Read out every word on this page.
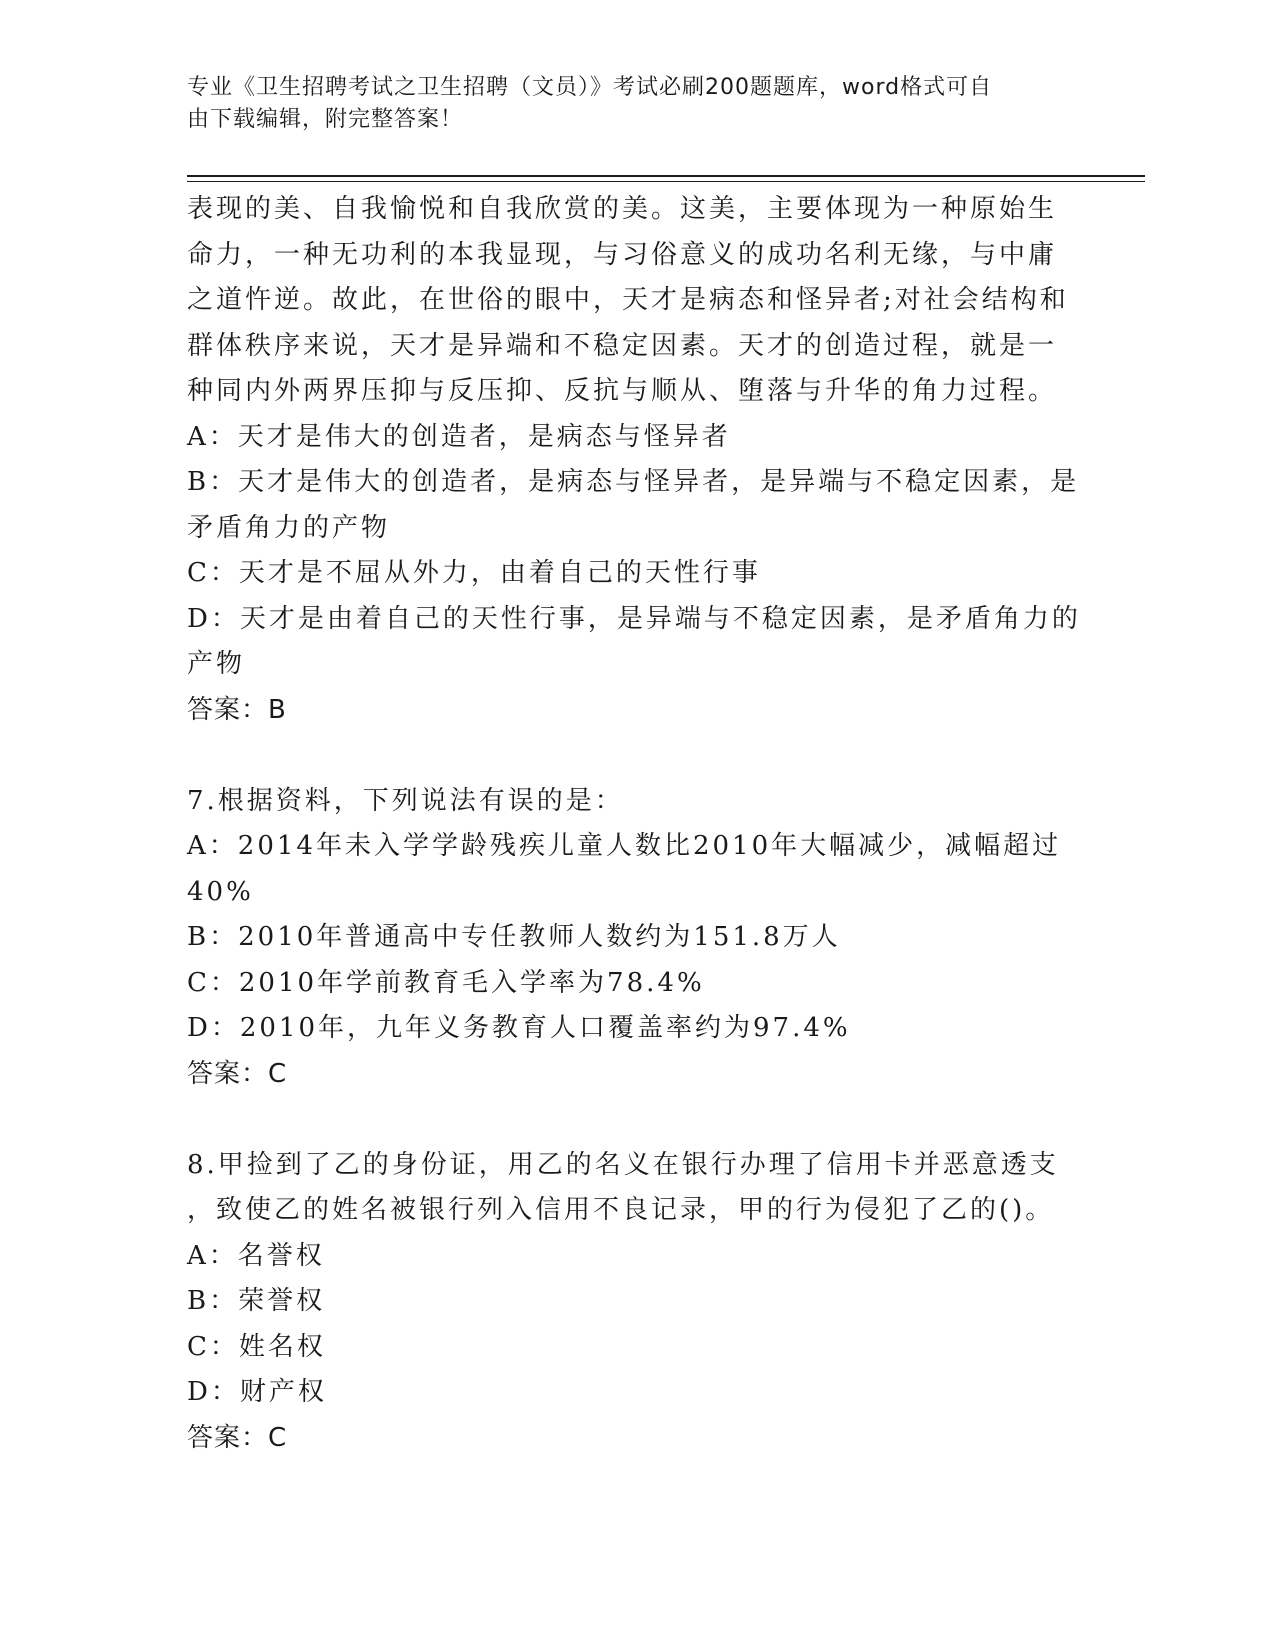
专业《卫生招聘考试之卫生招聘（文员）》考试必刷200题题库，word格式可自
由下载编辑，附完整答案！
表现的美、自我愉悦和自我欣赏的美。这美，主要体现为一种原始生
命力，一种无功利的本我显现，与习俗意义的成功名利无缘，与中庸
之道忤逆。故此，在世俗的眼中，天才是病态和怪异者;对社会结构和
群体秩序来说，天才是异端和不稳定因素。天才的创造过程，就是一
种同内外两界压抑与反压抑、反抗与顺从、堕落与升华的角力过程。
A：天才是伟大的创造者，是病态与怪异者
B：天才是伟大的创造者，是病态与怪异者，是异端与不稳定因素，是
矛盾角力的产物
C：天才是不屈从外力，由着自己的天性行事
D：天才是由着自己的天性行事，是异端与不稳定因素，是矛盾角力的
产物
答案：B
7.根据资料，下列说法有误的是：
A：2014年未入学学龄残疾儿童人数比2010年大幅减少，减幅超过
40%
B：2010年普通高中专任教师人数约为151.8万人
C：2010年学前教育毛入学率为78.4%
D：2010年，九年义务教育人口覆盖率约为97.4%
答案：C
8.甲捡到了乙的身份证，用乙的名义在银行办理了信用卡并恶意透支
，致使乙的姓名被银行列入信用不良记录，甲的行为侵犯了乙的()。
A：名誉权
B：荣誉权
C：姓名权
D：财产权
答案：C
